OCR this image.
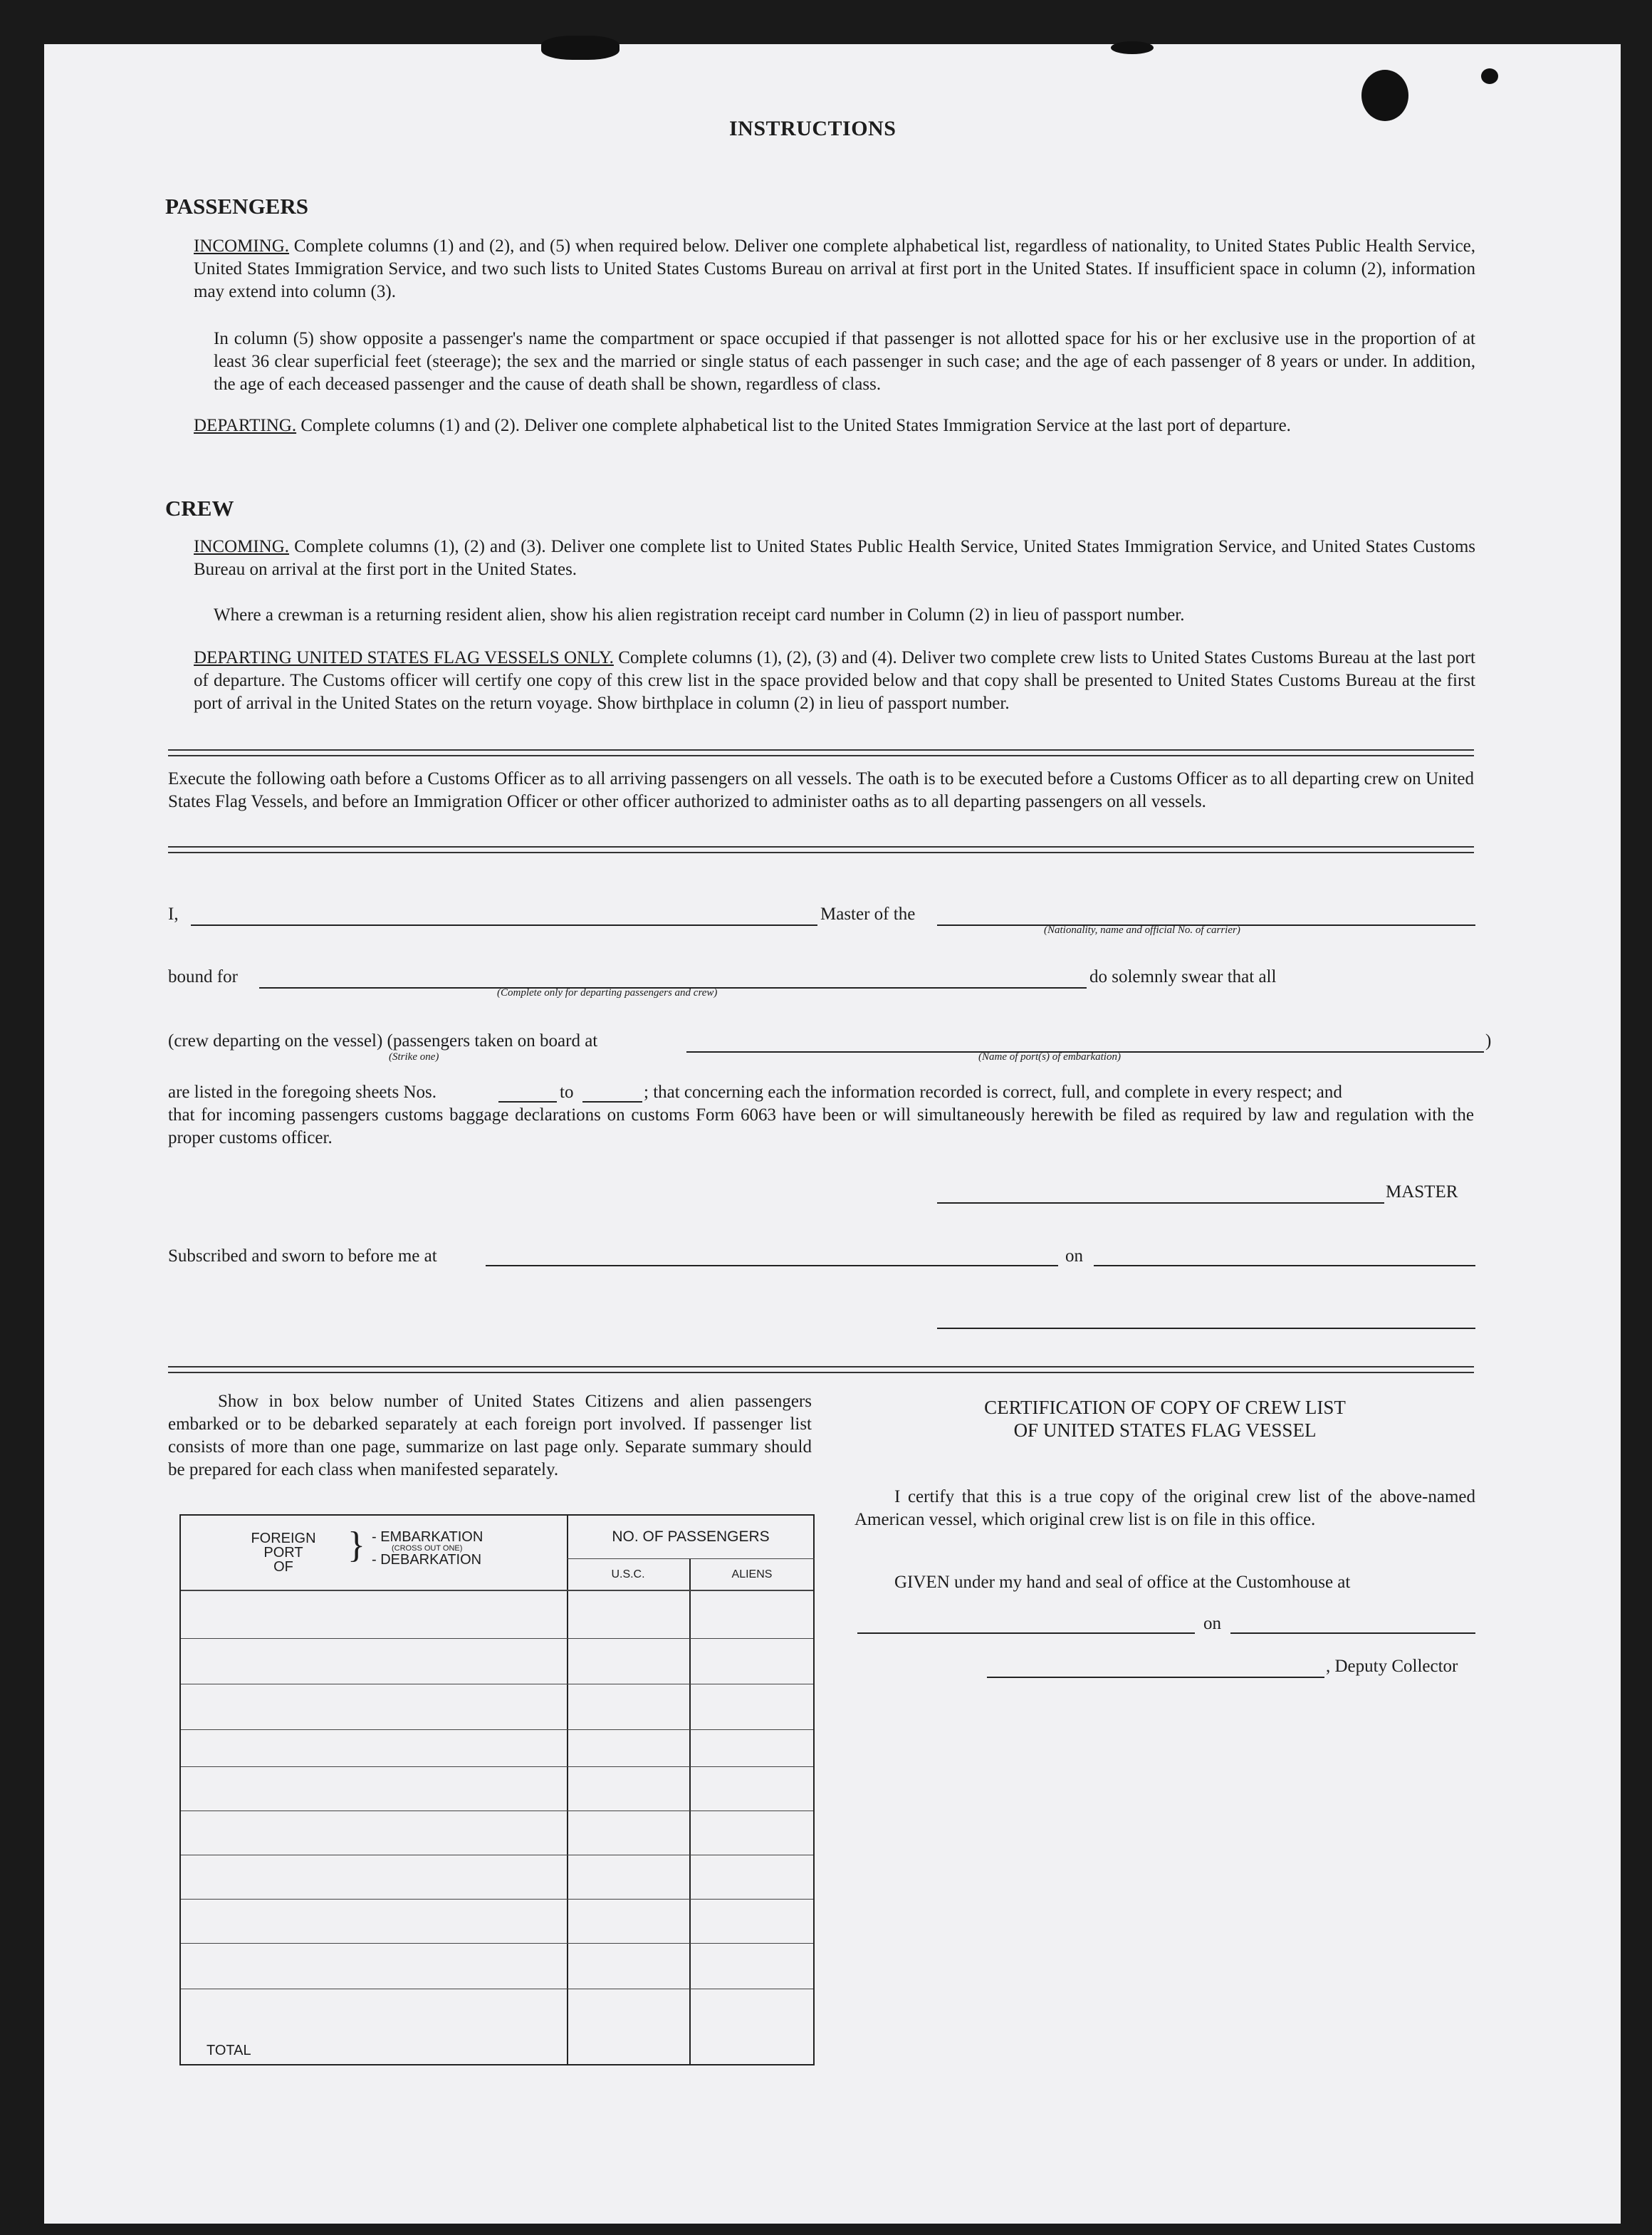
INSTRUCTIONS
PASSENGERS

INCOMING. Complete columns (1) and (2), and (5) when required below. Deliver one complete alphabetical list, regardless of nationality, to United States Public Health Service, United States Immigration Service, and two such lists to United States Customs Bureau on arrival at first port in the United States. If insufficient space in column (2), information may extend into column (3).

In column (5) show opposite a passenger's name the compartment or space occupied if that passenger is not allotted space for his or her exclusive use in the proportion of at least 36 clear superficial feet (steerage); the sex and the married or single status of each passenger in such case; and the age of each passenger of 8 years or under. In addition, the age of each deceased passenger and the cause of death shall be shown, regardless of class.

DEPARTING. Complete columns (1) and (2). Deliver one complete alphabetical list to the United States Immigration Service at the last port of departure.

CREW

INCOMING. Complete columns (1), (2) and (3). Deliver one complete list to United States Public Health Service, United States Immigration Service, and United States Customs Bureau on arrival at the first port in the United States.

Where a crewman is a returning resident alien, show his alien registration receipt card number in Column (2) in lieu of passport number.

DEPARTING UNITED STATES FLAG VESSELS ONLY. Complete columns (1), (2), (3) and (4). Deliver two complete crew lists to United States Customs Bureau at the last port of departure. The Customs officer will certify one copy of this crew list in the space provided below and that copy shall be presented to United States Customs Bureau at the first port of arrival in the United States on the return voyage. Show birthplace in column (2) in lieu of passport number.

Execute the following oath before a Customs Officer as to all arriving passengers on all vessels. The oath is to be executed before a Customs Officer as to all departing crew on United States Flag Vessels, and before an Immigration Officer or other officer authorized to administer oaths as to all departing passengers on all vessels.

I,	Master of the
(Nationality, name and official No. of carrier)
bound for
(Complete only for departing passengers and crew)
do solemnly swear that all
(crew departing on the vessel) (passengers taken on board at	)
(Strike one)	(Name of port(s) of embarkation)
are listed in the foregoing sheets Nos.	to	; that concerning each the information recorded is correct, full, and complete in every respect; and

that for incoming passengers customs baggage declarations on customs Form 6063 have been or will simultaneously herewith be filed as required by law and regulation with the proper customs officer.

MASTER
Subscribed and sworn to before me at	on

Show in box below number of United States Citizens and alien passengers embarked or to be debarked separately at each foreign port involved. If passenger list consists of more than one page, summarize on last page only. Separate summary should be prepared for each class when manifested separately.

FOREIGN
PORT
OF
} - EMBARKATION
(CROSS OUT ONE)
- DEBARKATION
NO. OF PASSENGERS
U.S.C.	ALIENS
TOTAL
CERTIFICATION OF COPY OF CREW LIST
OF UNITED STATES FLAG VESSEL

I certify that this is a true copy of the original crew list of the above-named American vessel, which original crew list is on file in this office.

GIVEN under my hand and seal of office at the Customhouse at
on
, Deputy Collector
